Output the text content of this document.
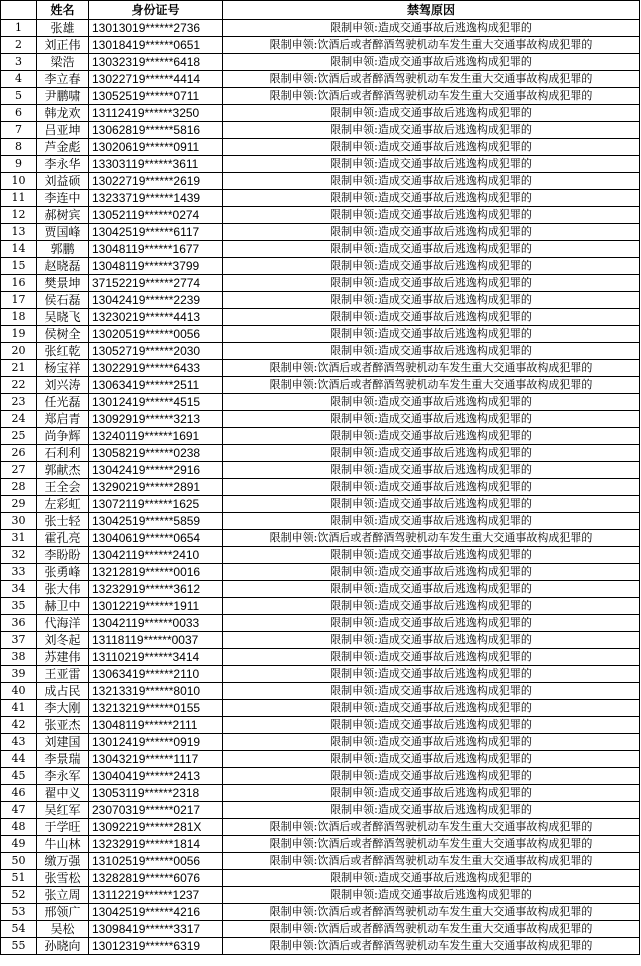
	姓名	身份证号	禁驾原因
1	张雄	13013019******2736	限制申领:造成交通事故后逃逸构成犯罪的
2	刘正伟	13018419******0651	限制申领:饮酒后或者醉酒驾驶机动车发生重大交通事故构成犯罪的
3	梁浩	13032319******6418	限制申领:造成交通事故后逃逸构成犯罪的
4	李立春	13022719******4414	限制申领:饮酒后或者醉酒驾驶机动车发生重大交通事故构成犯罪的
5	尹鹏啸	13052519******0711	限制申领:饮酒后或者醉酒驾驶机动车发生重大交通事故构成犯罪的
6	韩龙欢	13112419******3250	限制申领:造成交通事故后逃逸构成犯罪的
7	吕亚坤	13062819******5816	限制申领:造成交通事故后逃逸构成犯罪的
8	芦金彪	13020619******0911	限制申领:造成交通事故后逃逸构成犯罪的
9	李永华	13303119******3611	限制申领:造成交通事故后逃逸构成犯罪的
10	刘益硕	13022719******2619	限制申领:造成交通事故后逃逸构成犯罪的
11	李连中	13233719******1439	限制申领:造成交通事故后逃逸构成犯罪的
12	郝树宾	13052119******0274	限制申领:造成交通事故后逃逸构成犯罪的
13	贾国峰	13042519******6117	限制申领:造成交通事故后逃逸构成犯罪的
14	郭鹏	13048119******1677	限制申领:造成交通事故后逃逸构成犯罪的
15	赵晓磊	13048119******3799	限制申领:造成交通事故后逃逸构成犯罪的
16	樊景坤	37152219******2774	限制申领:造成交通事故后逃逸构成犯罪的
17	侯石磊	13042419******2239	限制申领:造成交通事故后逃逸构成犯罪的
18	吴晓飞	13230219******4413	限制申领:造成交通事故后逃逸构成犯罪的
19	侯树全	13020519******0056	限制申领:造成交通事故后逃逸构成犯罪的
20	张红乾	13052719******2030	限制申领:造成交通事故后逃逸构成犯罪的
21	杨宝祥	13022919******6433	限制申领:饮酒后或者醉酒驾驶机动车发生重大交通事故构成犯罪的
22	刘兴涛	13063419******2511	限制申领:饮酒后或者醉酒驾驶机动车发生重大交通事故构成犯罪的
23	任光磊	13012419******4515	限制申领:造成交通事故后逃逸构成犯罪的
24	郑启青	13092919******3213	限制申领:造成交通事故后逃逸构成犯罪的
25	尚争辉	13240119******1691	限制申领:造成交通事故后逃逸构成犯罪的
26	石利利	13058219******0238	限制申领:造成交通事故后逃逸构成犯罪的
27	郭献杰	13042419******2916	限制申领:造成交通事故后逃逸构成犯罪的
28	王全会	13290219******2891	限制申领:造成交通事故后逃逸构成犯罪的
29	左彩虹	13072119******1625	限制申领:造成交通事故后逃逸构成犯罪的
30	张士轻	13042519******5859	限制申领:造成交通事故后逃逸构成犯罪的
31	霍孔亮	13040619******0654	限制申领:饮酒后或者醉酒驾驶机动车发生重大交通事故构成犯罪的
32	李盼盼	13042119******2410	限制申领:造成交通事故后逃逸构成犯罪的
33	张勇峰	13212819******0016	限制申领:造成交通事故后逃逸构成犯罪的
34	张大伟	13232919******3612	限制申领:造成交通事故后逃逸构成犯罪的
35	赫卫中	13012219******1911	限制申领:造成交通事故后逃逸构成犯罪的
36	代海洋	13042119******0033	限制申领:造成交通事故后逃逸构成犯罪的
37	刘冬起	13118119******0037	限制申领:造成交通事故后逃逸构成犯罪的
38	苏建伟	13110219******3414	限制申领:造成交通事故后逃逸构成犯罪的
39	王亚雷	13063419******2110	限制申领:造成交通事故后逃逸构成犯罪的
40	成占民	13213319******8010	限制申领:造成交通事故后逃逸构成犯罪的
41	李大刚	13213219******0155	限制申领:造成交通事故后逃逸构成犯罪的
42	张亚杰	13048119******2111	限制申领:造成交通事故后逃逸构成犯罪的
43	刘建国	13012419******0919	限制申领:造成交通事故后逃逸构成犯罪的
44	李景瑞	13043219******1117	限制申领:造成交通事故后逃逸构成犯罪的
45	李永军	13040419******2413	限制申领:造成交通事故后逃逸构成犯罪的
46	翟中义	13053119******2318	限制申领:造成交通事故后逃逸构成犯罪的
47	吴红军	23070319******0217	限制申领:造成交通事故后逃逸构成犯罪的
48	于学旺	13092219******281X	限制申领:饮酒后或者醉酒驾驶机动车发生重大交通事故构成犯罪的
49	牛山林	13232919******1814	限制申领:饮酒后或者醉酒驾驶机动车发生重大交通事故构成犯罪的
50	缴万强	13102519******0056	限制申领:饮酒后或者醉酒驾驶机动车发生重大交通事故构成犯罪的
51	张雪松	13282819******6076	限制申领:造成交通事故后逃逸构成犯罪的
52	张立周	13112219******1237	限制申领:造成交通事故后逃逸构成犯罪的
53	邢领广	13042519******4216	限制申领:饮酒后或者醉酒驾驶机动车发生重大交通事故构成犯罪的
54	吴松	13098419******3317	限制申领:饮酒后或者醉酒驾驶机动车发生重大交通事故构成犯罪的
55	孙晓向	13012319******6319	限制申领:饮酒后或者醉酒驾驶机动车发生重大交通事故构成犯罪的
